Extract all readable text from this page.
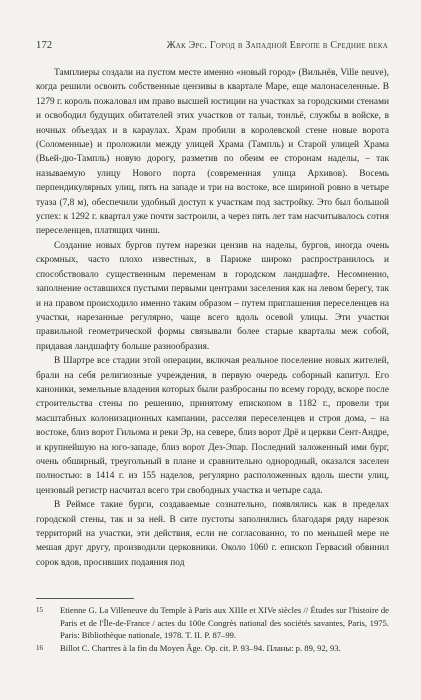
172	Жак Эрс. Город в Западной Европе в Средние века

Тамплиеры создали на пустом месте именно «новый город» (Вильнёв, Ville neuve), когда решили освоить собственные цензивы в квартале Маре, еще малонаселенные. В 1279 г. король пожаловал им право высшей юстиции на участках за городскими стенами и освободил будущих обитателей этих участков от тальи, тонльё, службы в войске, в ночных объездах и в караулах. Храм пробили в королевской стене новые ворота (Соломенные) и проложили между улицей Храма (Тампль) и Старой улицей Храма (Вьей-дю-Тампль) новую дорогу, разметив по обеим ее сторонам наделы, – так называемую улицу Нового порта (современная улица Архивов). Восемь перпендикулярных улиц, пять на западе и три на востоке, все шириной ровно в четыре туаза (7,8 м), обеспечили удобный доступ к участкам под застройку. Это был большой успех: к 1292 г. квартал уже почти застроили, а через пять лет там насчитывалось сотня переселенцев, платящих чинш.

Создание новых бургов путем нарезки цензив на наделы, бургов, иногда очень скромных, часто плохо известных, в Париже широко распространилось и способствовало существенным переменам в городском ландшафте. Несомненно, заполнение оставшихся пустыми первыми центрами заселения как на левом берегу, так и на правом происходило именно таким образом – путем приглашения переселенцев на участки, нарезанные регулярно, чаще всего вдоль осевой улицы. Эти участки правильной геометрической формы связывали более старые кварталы меж собой, придавая ландшафту больше разнообразия.

В Шартре все стадии этой операции, включая реальное поселение новых жителей, брали на себя религиозные учреждения, в первую очередь соборный капитул. Его каноники, земельные владения которых были разбросаны по всему городу, вскоре после строительства стены по решению, принятому епископом в 1182 г., провели три масштабных колонизационных кампании, расселяя переселенцев и строя дома, – на востоке, близ ворот Гильома и реки Эр, на севере, близ ворот Дрё и церкви Сент-Андре, и крупнейшую на юго-западе, близ ворот Дез-Эпар. Последний заложенный ими бург, очень обширный, треугольный в плане и сравнительно однородный, оказался заселен полностью: в 1414 г. из 155 наделов, регулярно расположенных вдоль шести улиц, цензовый регистр насчитал всего три свободных участка и четыре сада.

В Реймсе такие бурги, создаваемые сознательно, появлялись как в пределах городской стены, так и за ней. В сите пустоты заполнялись благодаря ряду нарезок территорий на участки, эти действия, если не согласованно, то по меньшей мере не мешая друг другу, производили церковники. Около 1060 г. епископ Гервасий обвинил сорок вдов, просивших подаяния под

15	Etienne G. La Villeneuve du Temple à Paris aux XIIIe et XIVe siècles // Études sur l'histoire de Paris et de l'Île-de-France / actes du 100e Congrès national des sociétés savantes, Paris, 1975. Paris: Bibliothèque nationale, 1978. T. II. P. 87–99.
16	Billot C. Chartres à la fin du Moyen Âge. Op. cit. P. 93–94. Планы: р. 89, 92, 93.
